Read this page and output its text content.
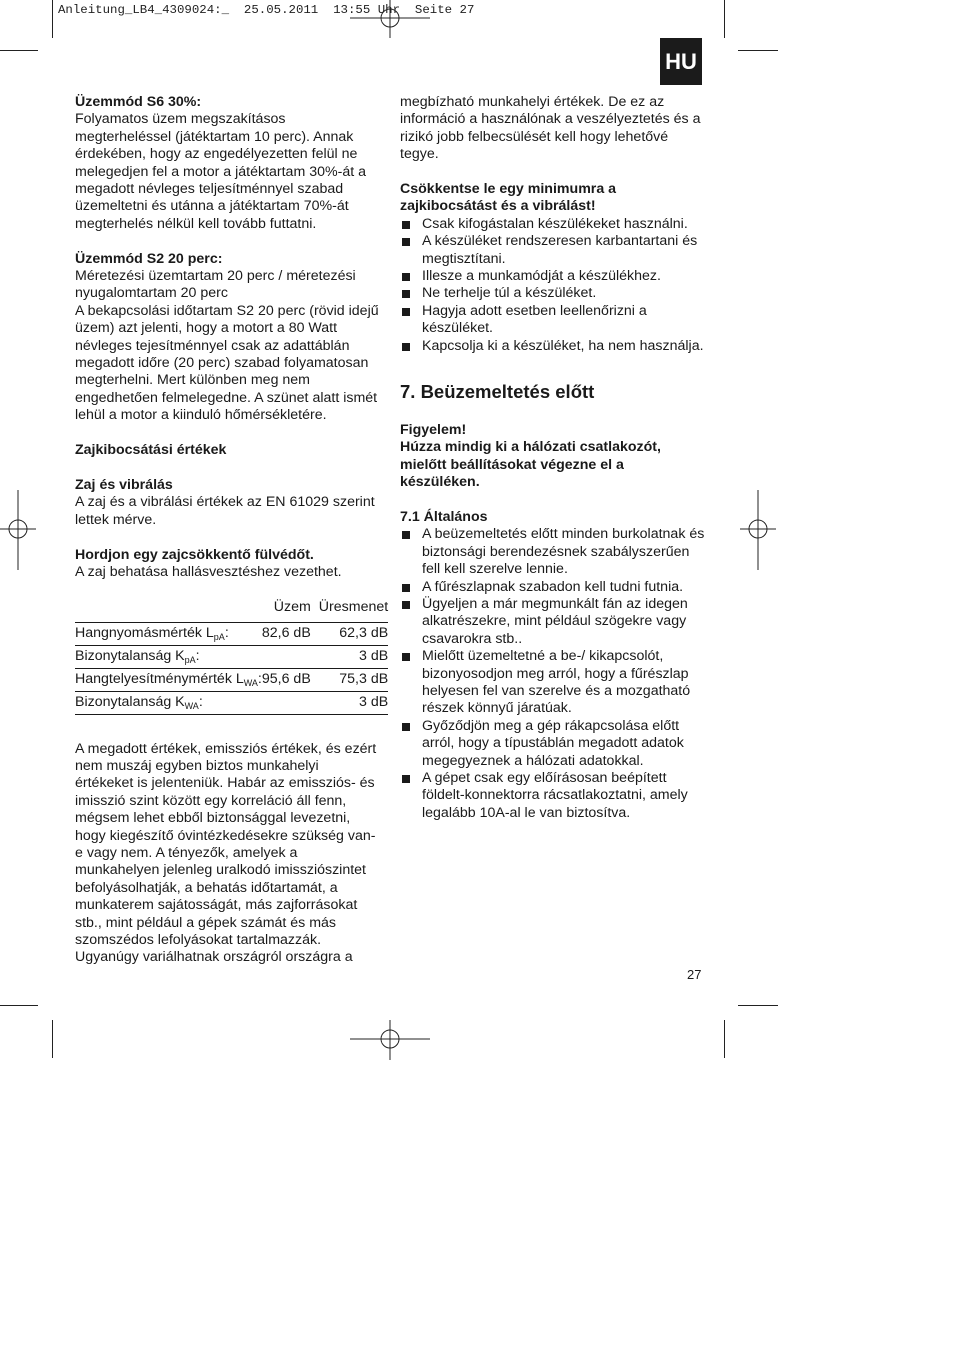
Anleitung_LB4_4309024:_  25.05.2011  13:55 Uhr  Seite 27
HU

Üzemmód S6 30%:

Folyamatos üzem megszakításos megterheléssel (játéktartam 10 perc). Annak érdekében, hogy az engedélyezetten felül ne melegedjen fel a motor a játéktartam 30%-át a megadott névleges teljesítménnyel szabad üzemeltetni és utánna a játéktartam 70%-át megterhelés nélkül kell tovább futtatni.

Üzemmód S2 20 perc:

Méretezési üzemtartam 20 perc / méretezési nyugalomtartam 20 perc

A bekapcsolási időtartam S2 20 perc (rövid idejű üzem) azt jelenti, hogy a motort a 80 Watt névleges tejesítménnyel csak az adattáblán megadott időre (20 perc) szabad folyamatosan megterhelni. Mert különben meg nem engedhetően felmelegedne. A szünet alatt ismét lehül a motor a kiinduló hőmérsékletére.

Zajkibocsátási értékek

Zaj és vibrálás

A zaj és a vibrálási értékek az EN 61029 szerint lettek mérve.

Hordjon egy zajcsökkentő fülvédőt.

A zaj behatása hallásvesztéshez vezethet.

	Üzem	Üresmenet
Hangnyomásmérték $L_{pA}$:	82,6 dB	62,3 dB
Bizonytalanság $K_{pA}$:		3 dB
Hangtelyesítménymérték $L_{WA}$:	95,6 dB	75,3 dB
Bizonytalanság $K_{WA}$:		3 dB

A megadott értékek, emissziós értékek, és ezért nem muszáj egyben biztos munkahelyi értékeket is jelenteniük. Habár az emissziós- és imisszió szint között egy korreláció áll fenn, mégsem lehet ebből biztonsággal levezetni, hogy kiegészítő óvintézkedésekre szükség van- e vagy nem. A tényezők, amelyek a munkahelyen jelenleg uralkodó imissziószintet befolyásolhatják, a behatás időtartamát, a munkaterem sajátosságát, más zajforrásokat stb., mint például a gépek számát és más szomszédos lefolyásokat tartalmazzák. Ugyanúgy variálhatnak országról országra a

megbízható munkahelyi értékek. De ez az információ a használónak a veszélyeztetés és a rizikó jobb felbecsülését kell hogy lehetővé tegye.

Csökkentse le egy minimumra a zajkibocsátást és a vibrálást!

Csak kifogástalan készülékeket használni.
A készüléket rendszeresen karbantartani és megtisztítani.
Illesze a munkamódját a készülékhez.
Ne terhelje túl a készüléket.
Hagyja adott esetben leellenőrizni a készüléket.
Kapcsolja ki a készüléket, ha nem használja.
7. Beüzemeltetés előtt

Figyelem!

Húzza mindig ki a hálózati csatlakozót, mielőtt beállításokat végezne el a készüléken.

7.1 Általános

A beüzemeltetés előtt minden burkolatnak és biztonsági berendezésnek szabályszerűen fell kell szerelve lennie.
A fűrészlapnak szabadon kell tudni futnia.
Ügyeljen a már megmunkált fán az idegen alkatrészekre, mint például szögekre vagy csavarokra stb..
Mielőtt üzemeltetné a be-/ kikapcsolót, bizonyosodjon meg arról, hogy a fűrészlap helyesen fel van szerelve és a mozgatható részek könnyű járatúak.
Győződjön meg a gép rákapcsolása előtt arról, hogy a típustáblán megadott adatok megegyeznek a hálózati adatokkal.
A gépet csak egy előírásosan beépített földelt-konnektorra rácsatlakoztatni, amely legalább 10A-al le van biztosítva.
27
